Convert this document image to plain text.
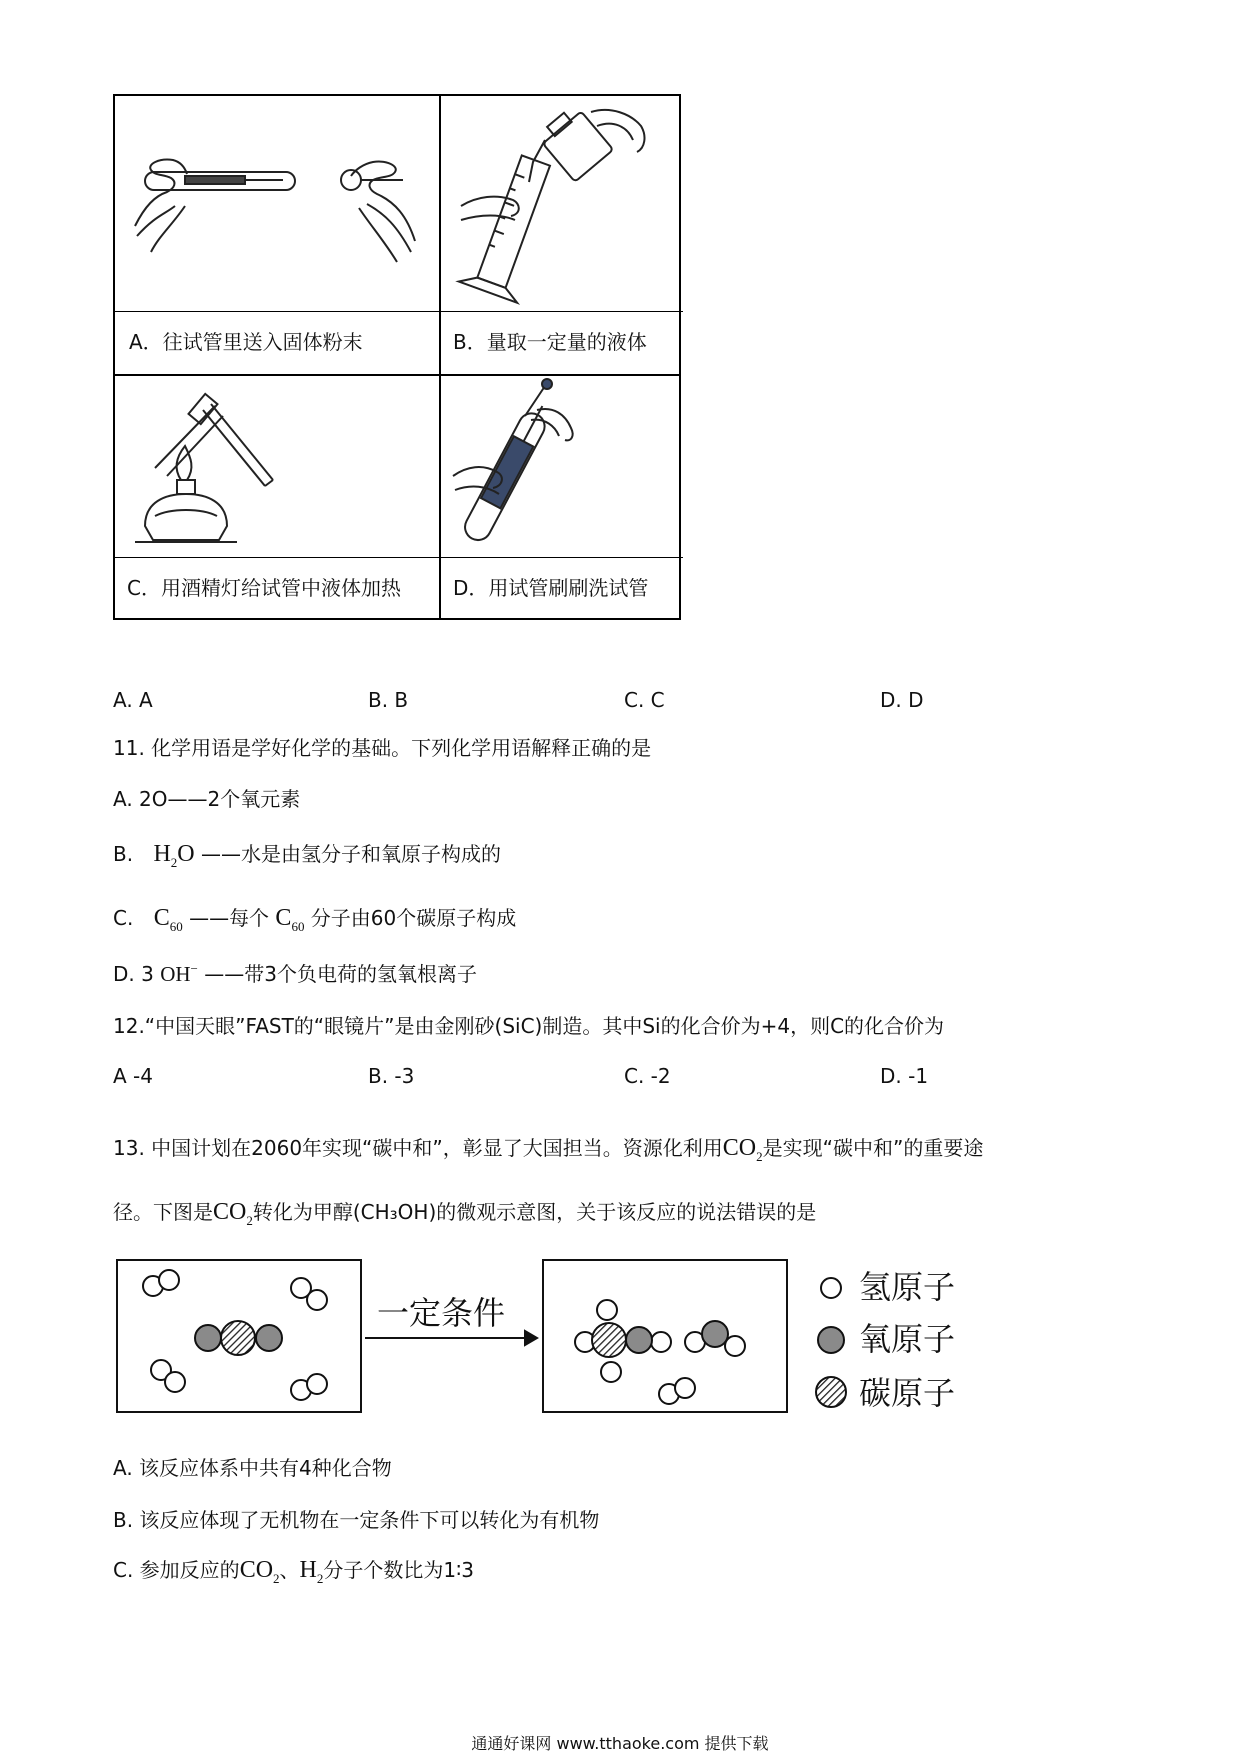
A．往试管里送入固体粉末	B．量取一定量的液体
C．用酒精灯给试管中液体加热	D．用试管刷刷洗试管
A. A	B. B	C. C	D. D
11. 化学用语是学好化学的基础。下列化学用语解释正确的是
A. 2O——2个氧元素
B. $H_2O$ ——水是由氢分子和氧原子构成的
C. $C_{60}$ ——每个 $C_{60}$ 分子由60个碳原子构成
D. 3 OH− ——带3个负电荷的氢氧根离子
12.“中国天眼”FAST的“眼镜片”是由金刚砂(SiC)制造。其中Si的化合价为+4，则C的化合价为
A -4	B. -3	C. -2	D. -1
13. 中国计划在2060年实现“碳中和”，彰显了大国担当。资源化利用$CO_2$是实现“碳中和”的重要途
径。下图是$CO_2$转化为甲醇(CH₃OH)的微观示意图，关于该反应的说法错误的是
一定条件
氢原子
氧原子
碳原子
A. 该反应体系中共有4种化合物
B. 该反应体现了无机物在一定条件下可以转化为有机物
C. 参加反应的$CO_2$、$H_2$分子个数比为1∶3
通通好课网 www.tthaoke.com 提供下载
